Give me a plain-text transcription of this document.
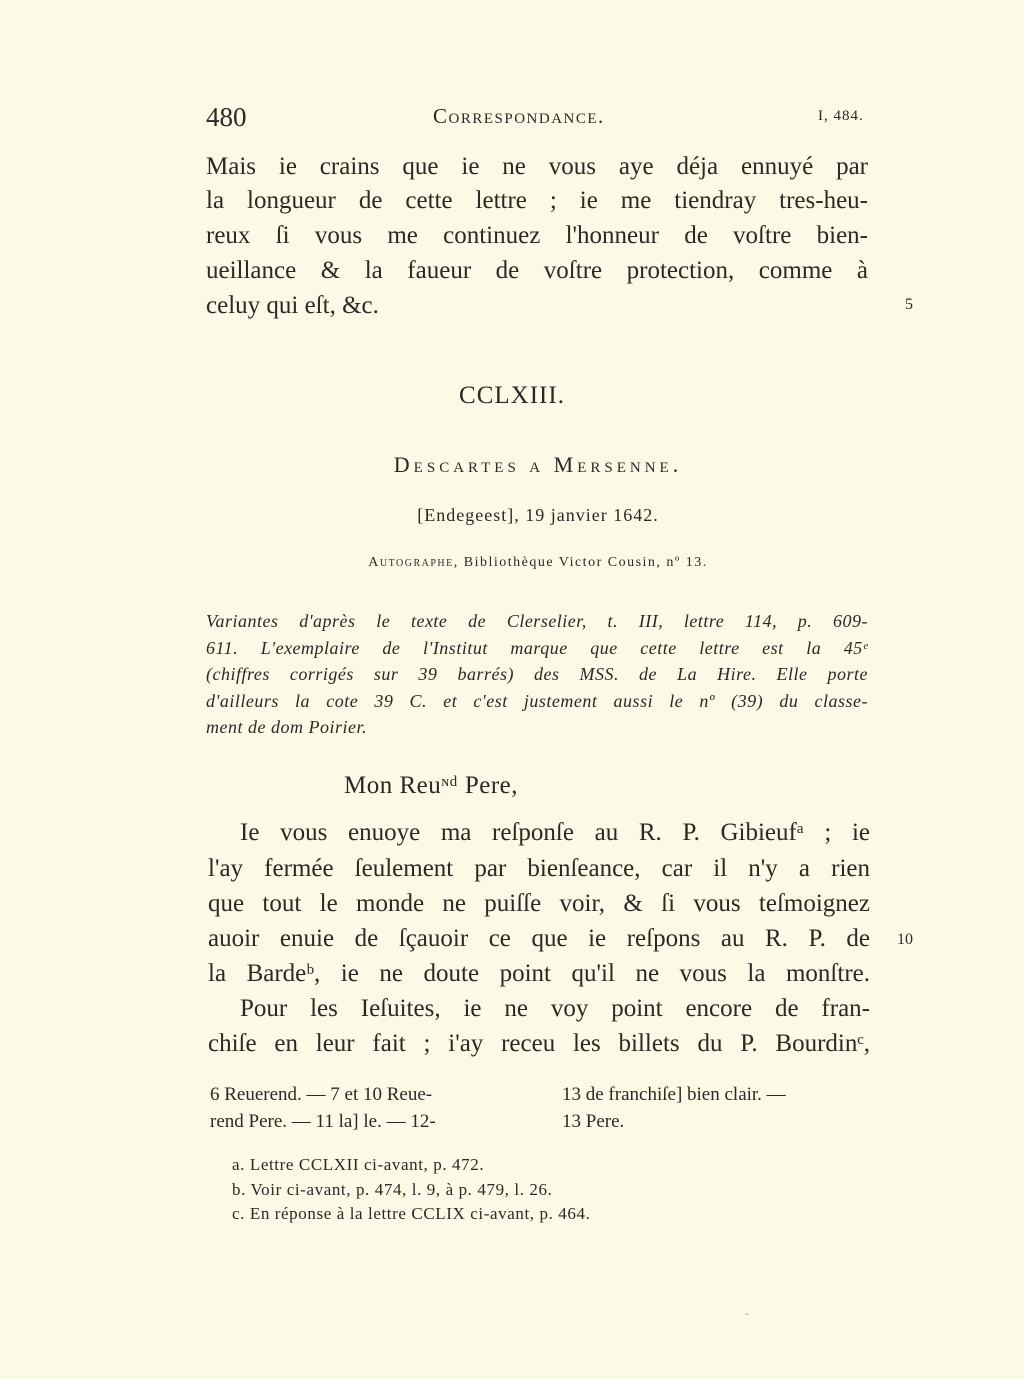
480	Correspondance.	I, 484.
Mais ie crains que ie ne vous aye déja ennuyé par
la longueur de cette lettre ; ie me tiendray tres-heu-
reux ſi vous me continuez l'honneur de voſtre bien-
ueillance & la faueur de voſtre protection, comme à
celuy qui eſt, &c.	5
CCLXIII.
Descartes a Mersenne.
[Endegeest], 19 janvier 1642.
Autographe, Bibliothèque Victor Cousin, nº 13.
Variantes d'après le texte de Clerselier, t. III, lettre 114, p. 609-
611. L'exemplaire de l'Institut marque que cette lettre est la 45ᵉ
(chiffres corrigés sur 39 barrés) des MSS. de La Hire. Elle porte
d'ailleurs la cote 39 C. et c'est justement aussi le nº (39) du classe-
ment de dom Poirier.
Mon Reuᶰᵈ Pere,
Ie vous enuoye ma reſponſe au R. P. Gibieufᵃ ; ie
l'ay fermée ſeulement par bienſeance, car il n'y a rien
que tout le monde ne puiſſe voir, & ſi vous teſmoignez
auoir enuie de ſçauoir ce que ie reſpons au R. P. de
la Bardeᵇ, ie ne doute point qu'il ne vous la monſtre.
Pour les Ieſuites, ie ne voy point encore de fran-
chiſe en leur fait ; i'ay receu les billets du P. Bourdinᶜ,
10
6 Reuerend. — 7 et 10 Reue-
rend Pere. — 11 la] le. — 12-
13 de franchiſe] bien clair. —
13 Pere.
a. Lettre CCLXII ci-avant, p. 472.
b. Voir ci-avant, p. 474, l. 9, à p. 479, l. 26.
c. En réponse à la lettre CCLIX ci-avant, p. 464.
-
